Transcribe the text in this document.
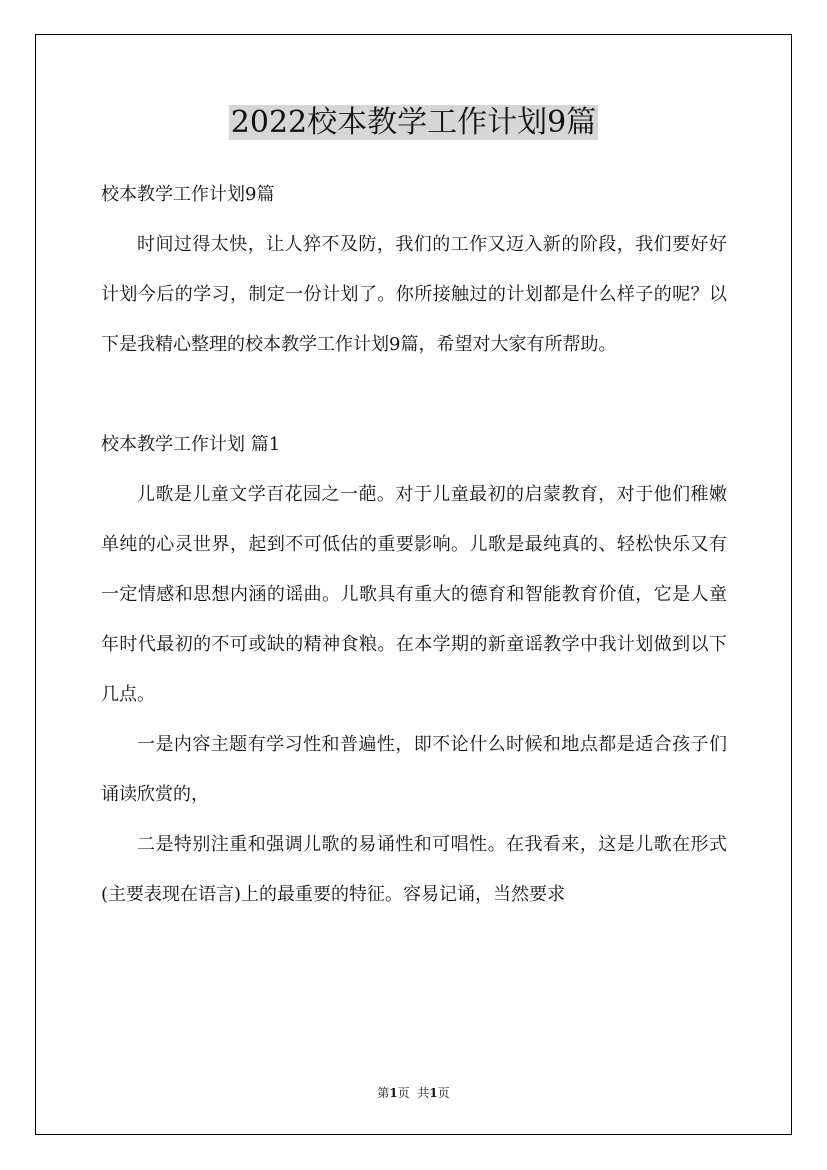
2022校本教学工作计划9篇

校本教学工作计划9篇

时间过得太快，让人猝不及防，我们的工作又迈入新的阶段，我们要好好计划今后的学习，制定一份计划了。你所接触过的计划都是什么样子的呢？以下是我精心整理的校本教学工作计划9篇，希望对大家有所帮助。

校本教学工作计划 篇1

儿歌是儿童文学百花园之一葩。对于儿童最初的启蒙教育，对于他们稚嫩单纯的心灵世界，起到不可低估的重要影响。儿歌是最纯真的、轻松快乐又有一定情感和思想内涵的谣曲。儿歌具有重大的德育和智能教育价值，它是人童年时代最初的不可或缺的精神食粮。在本学期的新童谣教学中我计划做到以下几点。

一是内容主题有学习性和普遍性，即不论什么时候和地点都是适合孩子们诵读欣赏的，

二是特别注重和强调儿歌的易诵性和可唱性。在我看来，这是儿歌在形式(主要表现在语言)上的最重要的特征。容易记诵，当然要求

第1页  共1页
